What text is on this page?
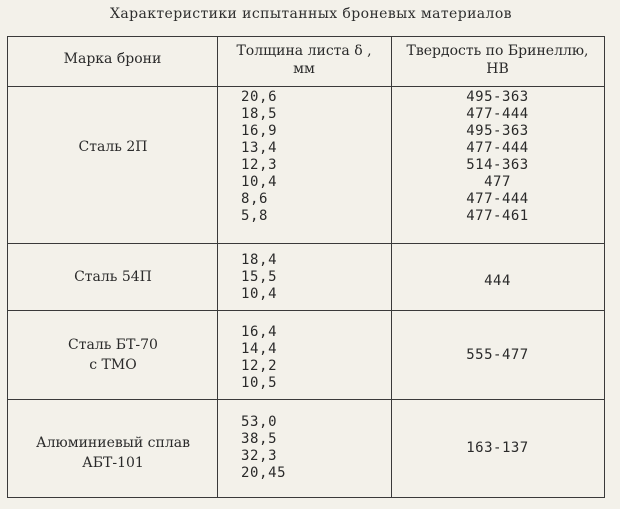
Характеристики испытанных броневых материалов
Марка брони	Толщина листа δ ,
мм
Твердость по Бринеллю,
НВ
Сталь 2П
20,6
18,5
16,9
13,4
12,3
10,4
8,6
5,8
495-363
477-444
495-363
477-444
514-363
477
477-444
477-461
Сталь 54П
18,4
15,5
10,4
444
Сталь БТ-70
с ТМО
16,4
14,4
12,2
10,5
555-477
Алюминиевый сплав
АБТ-101
53,0
38,5
32,3
20,45
163-137
